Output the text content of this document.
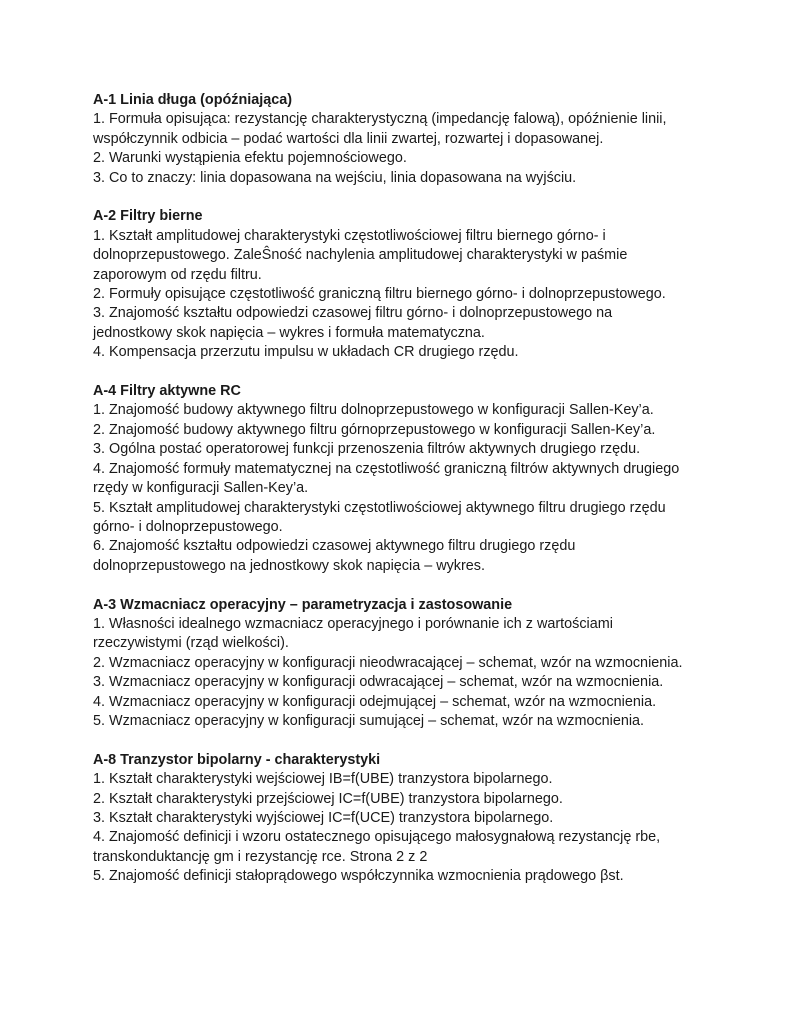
A-1 Linia długa (opóźniająca)

1. Formuła opisująca: rezystancję charakterystyczną (impedancję falową), opóźnienie linii, współczynnik odbicia – podać wartości dla linii zwartej, rozwartej i dopasowanej.

2. Warunki wystąpienia efektu pojemnościowego.

3. Co to znaczy: linia dopasowana na wejściu, linia dopasowana na wyjściu.

A-2 Filtry bierne

1. Kształt amplitudowej charakterystyki częstotliwościowej filtru biernego górno- i dolnoprzepustowego. ZaleŜność nachylenia amplitudowej charakterystyki w paśmie zaporowym od rzędu filtru.

2. Formuły opisujące częstotliwość graniczną filtru biernego górno- i dolnoprzepustowego.

3. Znajomość kształtu odpowiedzi czasowej filtru górno- i dolnoprzepustowego na jednostkowy skok napięcia – wykres i formuła matematyczna.

4. Kompensacja przerzutu impulsu w układach CR drugiego rzędu.

A-4 Filtry aktywne RC

1. Znajomość budowy aktywnego filtru dolnoprzepustowego w konfiguracji Sallen-Key’a.

2. Znajomość budowy aktywnego filtru górnoprzepustowego w konfiguracji Sallen-Key’a.

3. Ogólna postać operatorowej funkcji przenoszenia filtrów aktywnych drugiego rzędu.

4. Znajomość formuły matematycznej na częstotliwość graniczną filtrów aktywnych drugiego rzędy w konfiguracji Sallen-Key’a.

5. Kształt amplitudowej charakterystyki częstotliwościowej aktywnego filtru drugiego rzędu górno- i dolnoprzepustowego.

6. Znajomość kształtu odpowiedzi czasowej aktywnego filtru drugiego rzędu dolnoprzepustowego na jednostkowy skok napięcia – wykres.

A-3 Wzmacniacz operacyjny – parametryzacja i zastosowanie

1. Własności idealnego wzmacniacz operacyjnego i porównanie ich z wartościami rzeczywistymi (rząd wielkości).

2. Wzmacniacz operacyjny w konfiguracji nieodwracającej – schemat, wzór na wzmocnienia.

3. Wzmacniacz operacyjny w konfiguracji odwracającej – schemat, wzór na wzmocnienia.

4. Wzmacniacz operacyjny w konfiguracji odejmującej – schemat, wzór na wzmocnienia.

5. Wzmacniacz operacyjny w konfiguracji sumującej – schemat, wzór na wzmocnienia.

A-8 Tranzystor bipolarny - charakterystyki

1. Kształt charakterystyki wejściowej IB=f(UBE) tranzystora bipolarnego.

2. Kształt charakterystyki przejściowej IC=f(UBE) tranzystora bipolarnego.

3. Kształt charakterystyki wyjściowej IC=f(UCE) tranzystora bipolarnego.

4. Znajomość definicji i wzoru ostatecznego opisującego małosygnałową rezystancję rbe, transkonduktancję gm i rezystancję rce. Strona 2 z 2

5. Znajomość definicji stałoprądowego współczynnika wzmocnienia prądowego βst.
